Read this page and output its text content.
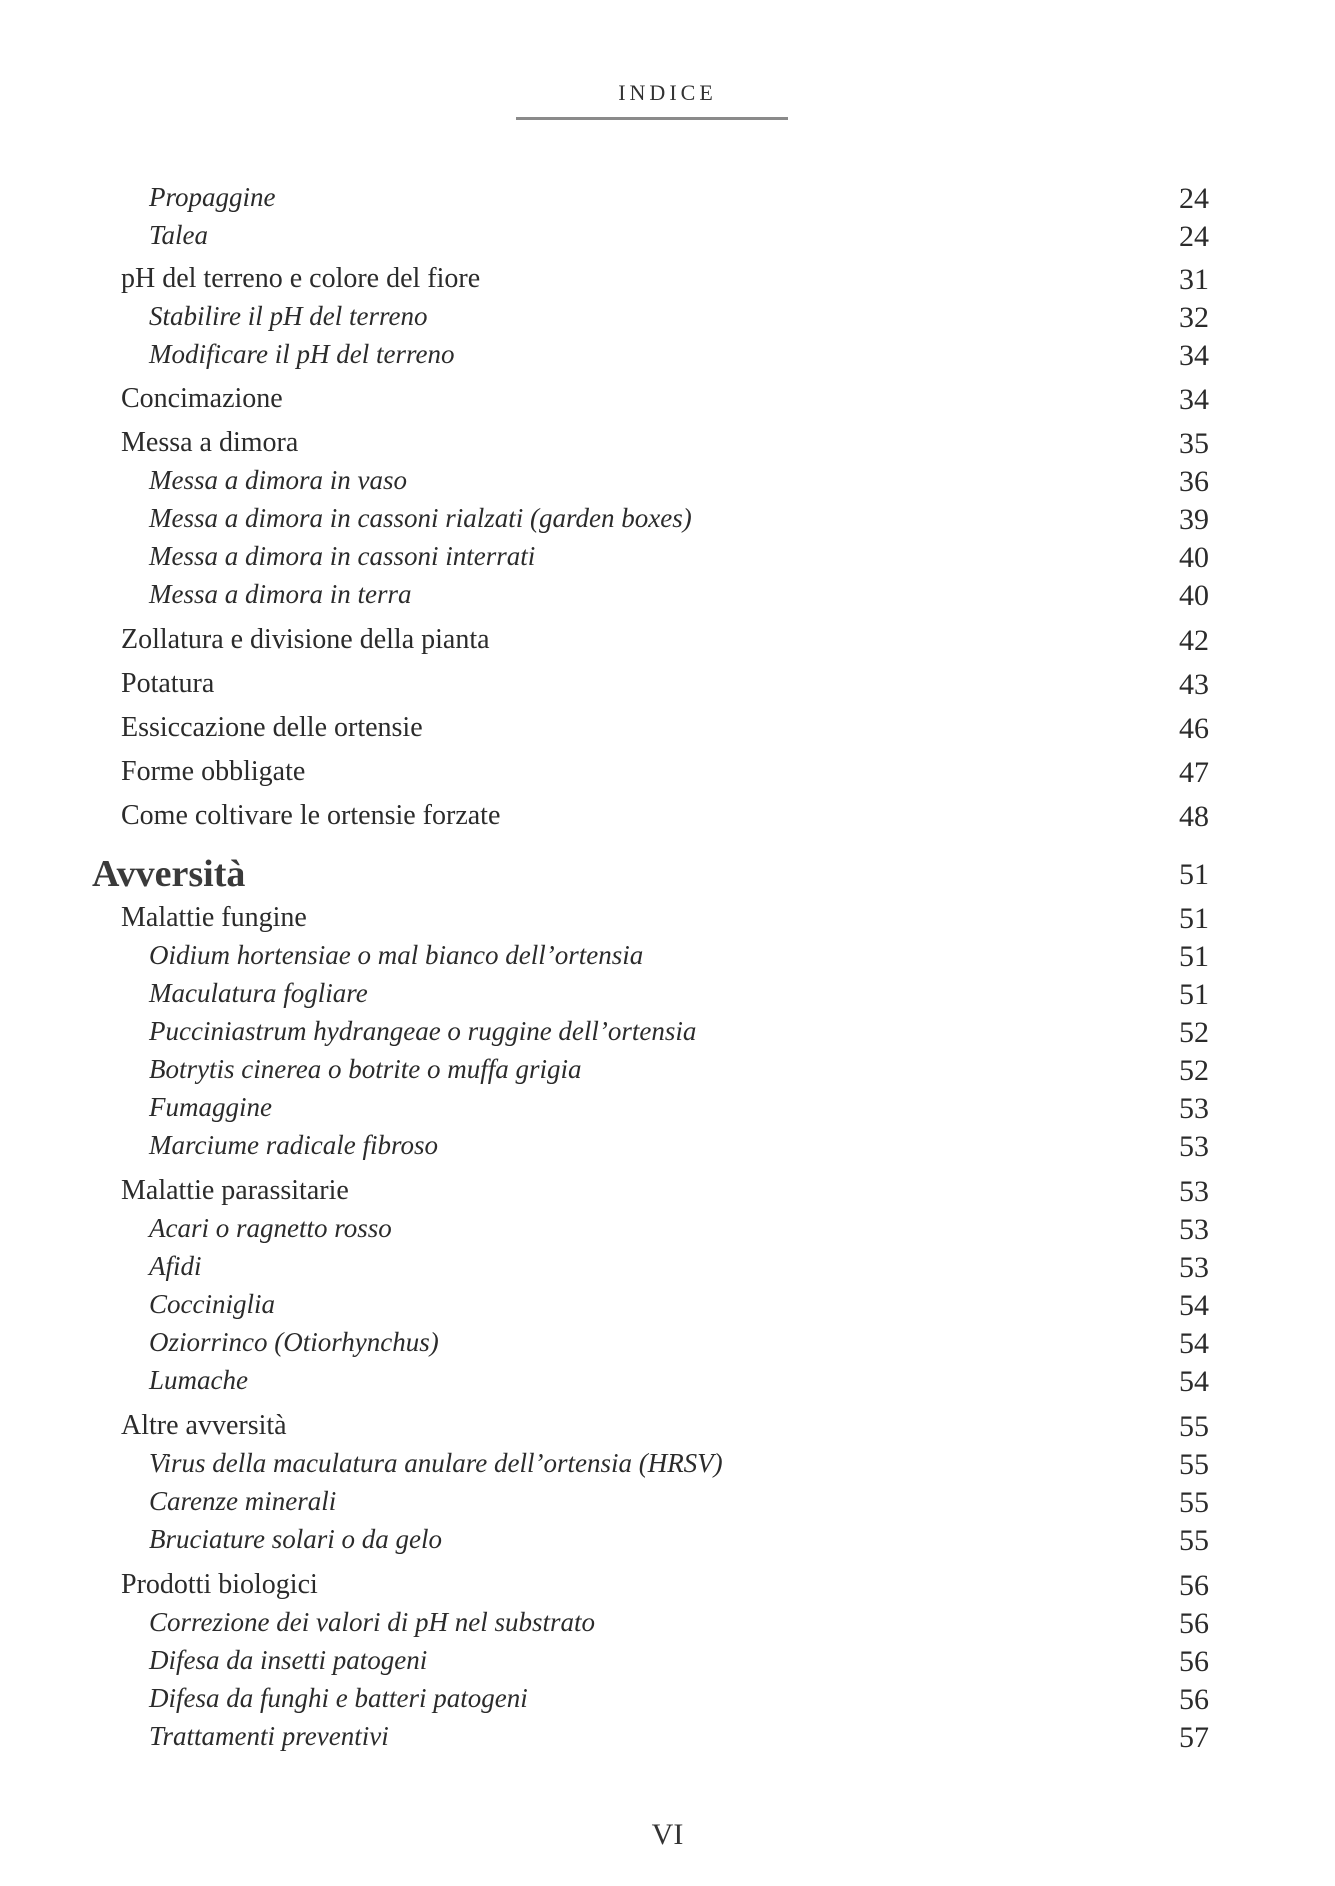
INDICE
Propaggine	24
Talea	24
pH del terreno e colore del fiore	31
Stabilire il pH del terreno	32
Modificare il pH del terreno	34
Concimazione	34
Messa a dimora	35
Messa a dimora in vaso	36
Messa a dimora in cassoni rialzati (garden boxes)	39
Messa a dimora in cassoni interrati	40
Messa a dimora in terra	40
Zollatura e divisione della pianta	42
Potatura	43
Essiccazione delle ortensie	46
Forme obbligate	47
Come coltivare le ortensie forzate	48
Avversità	51
Malattie fungine	51
Oidium hortensiae o mal bianco dell’ortensia	51
Maculatura fogliare	51
Pucciniastrum hydrangeae o ruggine dell’ortensia	52
Botrytis cinerea o botrite o muffa grigia	52
Fumaggine	53
Marciume radicale fibroso	53
Malattie parassitarie	53
Acari o ragnetto rosso	53
Afidi	53
Cocciniglia	54
Oziorrinco (Otiorhynchus)	54
Lumache	54
Altre avversità	55
Virus della maculatura anulare dell’ortensia (HRSV)	55
Carenze minerali	55
Bruciature solari o da gelo	55
Prodotti biologici	56
Correzione dei valori di pH nel substrato	56
Difesa da insetti patogeni	56
Difesa da funghi e batteri patogeni	56
Trattamenti preventivi	57
VI
